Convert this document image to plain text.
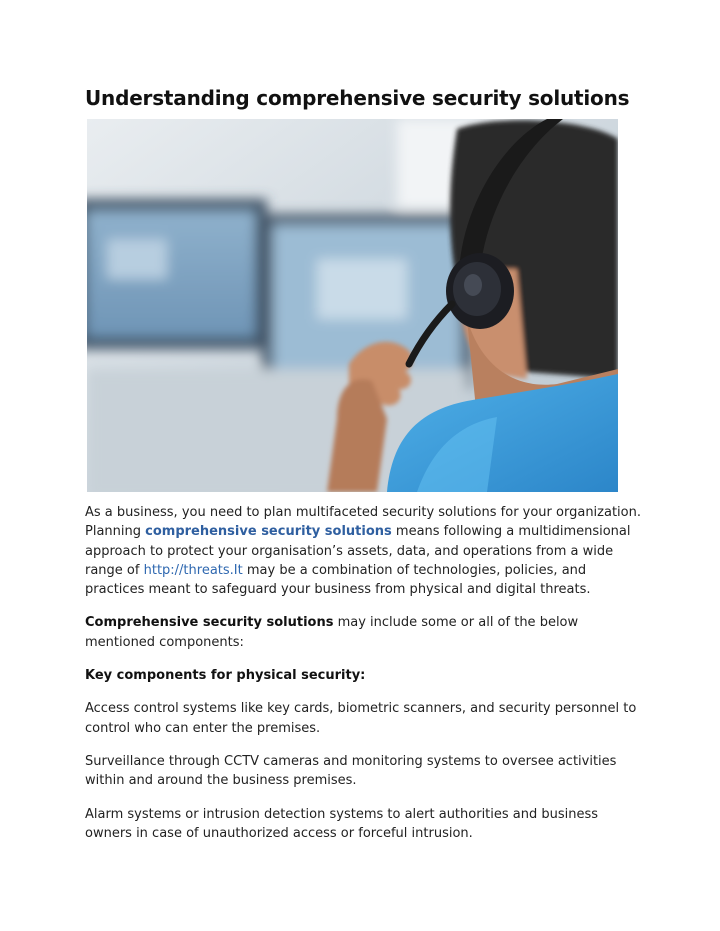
Understanding comprehensive security solutions

As a business, you need to plan multifaceted security solutions for your organization. Planning comprehensive security solutions means following a multidimensional approach to protect your organisation’s assets, data, and operations from a wide range of http://threats.It may be a combination of technologies, policies, and practices meant to safeguard your business from physical and digital threats.

Comprehensive security solutions may include some or all of the below mentioned components:

Key components for physical security:

Access control systems like key cards, biometric scanners, and security personnel to control who can enter the premises.

Surveillance through CCTV cameras and monitoring systems to oversee activities within and around the business premises.

Alarm systems or intrusion detection systems to alert authorities and business owners in case of unauthorized access or forceful intrusion.
